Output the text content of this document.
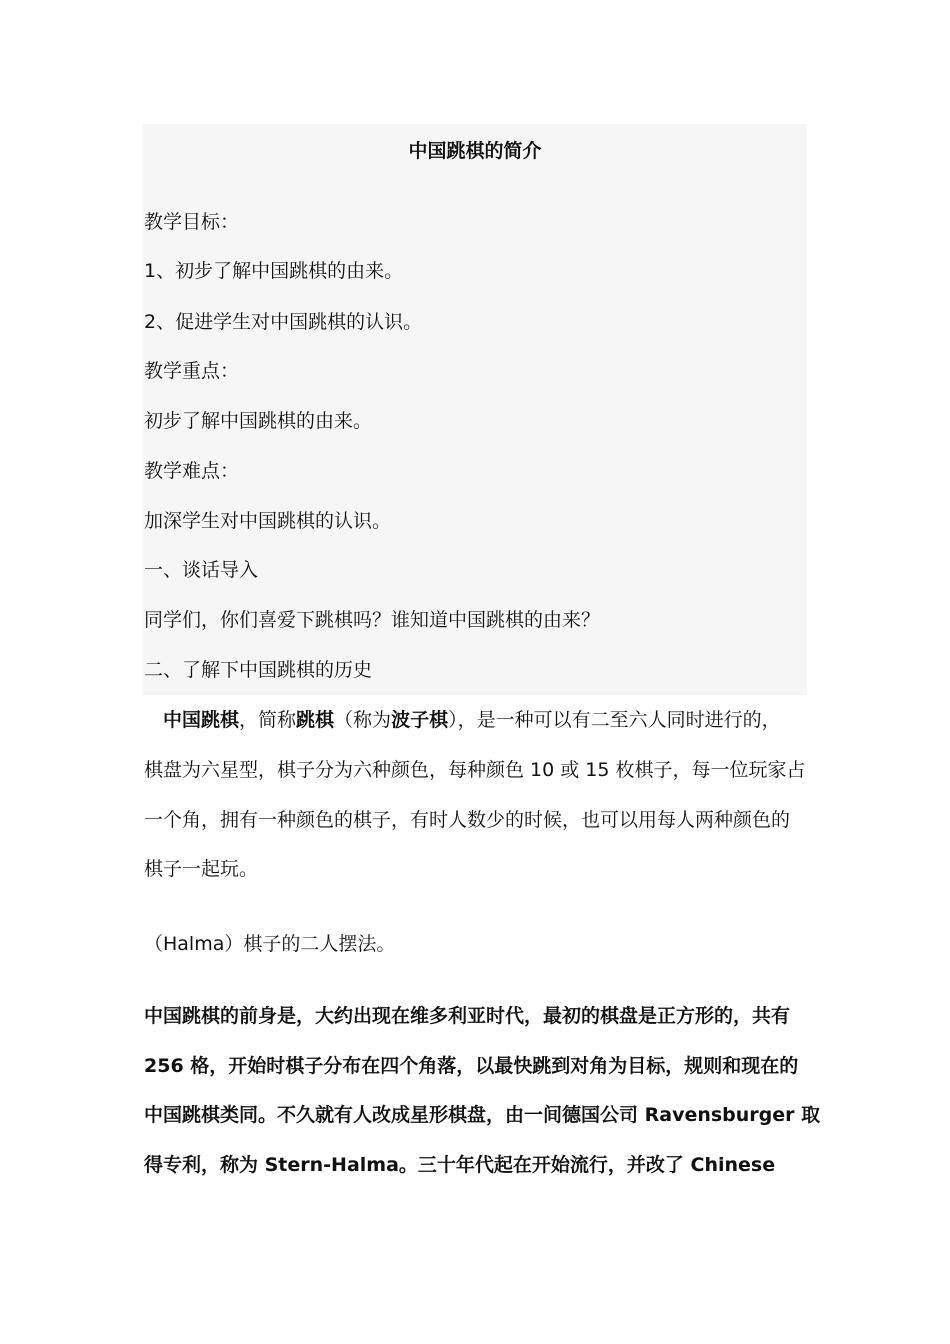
中国跳棋的简介
教学目标：
1、初步了解中国跳棋的由来。
2、促进学生对中国跳棋的认识。
教学重点：
初步了解中国跳棋的由来。
教学难点：
加深学生对中国跳棋的认识。
一、谈话导入
同学们，你们喜爱下跳棋吗？谁知道中国跳棋的由来？
二、了解下中国跳棋的历史
中国跳棋，简称跳棋（称为波子棋），是一种可以有二至六人同时进行的，
棋盘为六星型，棋子分为六种颜色，每种颜色 10 或 15 枚棋子，每一位玩家占
一个角，拥有一种颜色的棋子，有时人数少的时候，也可以用每人两种颜色的
棋子一起玩。
（Halma）棋子的二人摆法。
中国跳棋的前身是，大约出现在维多利亚时代，最初的棋盘是正方形的，共有
256 格，开始时棋子分布在四个角落，以最快跳到对角为目标，规则和现在的
中国跳棋类同。不久就有人改成星形棋盘，由一间德国公司 Ravensburger 取
得专利，称为 Stern-Halma。三十年代起在开始流行，并改了 Chinese
